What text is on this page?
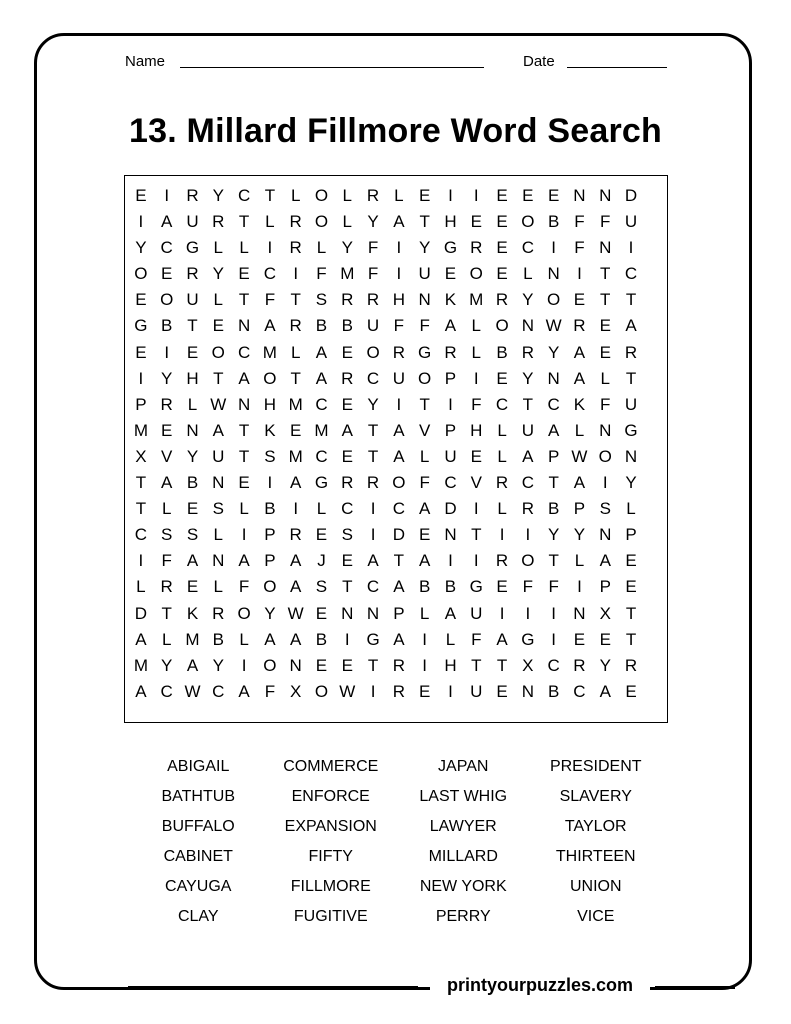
Name	Date
13. Millard Fillmore Word Search
E	I	R Y C T L O L R L E	I	I	E E E N N D
I	A U R T L R O L Y A T H E E O B F F U
Y C G L L	I	R L Y F	I	Y G R E C	I	F N	I
O E R Y E C	I	F M F	I	U E O E L N	I	T C
E O U L T F T S R R H N K M R Y O E T T
G B T E N A R B B U F F A L O N W R E A
E	I	E O C M L A E O R G R L B R Y A E R
I	Y H T A O T A R C U O P	I	E Y N A L T
P R L W N H M C E Y	I	T	I	F C T C K F U
M E N A T K E M A T A V P H L U A L N G
X V Y U T S M C E T A L U E L A P W O N
T A B N E	I	A G R R O F C V R C T A	I	Y
T L E S L B	I	L C	I	C A D	I	L R B P S L
C S S L	I	P R E S	I	D E N T	I	I	Y Y N P
I	F A N A P A J E A T A	I	I	R O T L A E
L R E L F O A S T C A B B G E F F	I	P E
D T K R O Y W E N N P L A U	I	I	I	N X T
A L M B L A A B	I G A	I	L F A G I	E E T
M Y A Y	I O N E E T R	I	H T T X C R Y R
A C W C A F X O W I	R E	I	U E N B C A E
ABIGAIL	COMMERCE	JAPAN	PRESIDENT
BATHTUB	ENFORCE	LAST WHIG	SLAVERY
BUFFALO	EXPANSION	LAWYER	TAYLOR
CABINET	FIFTY	MILLARD	THIRTEEN
CAYUGA	FILLMORE	NEW YORK	UNION
CLAY	FUGITIVE	PERRY	VICE
printyourpuzzles.com
